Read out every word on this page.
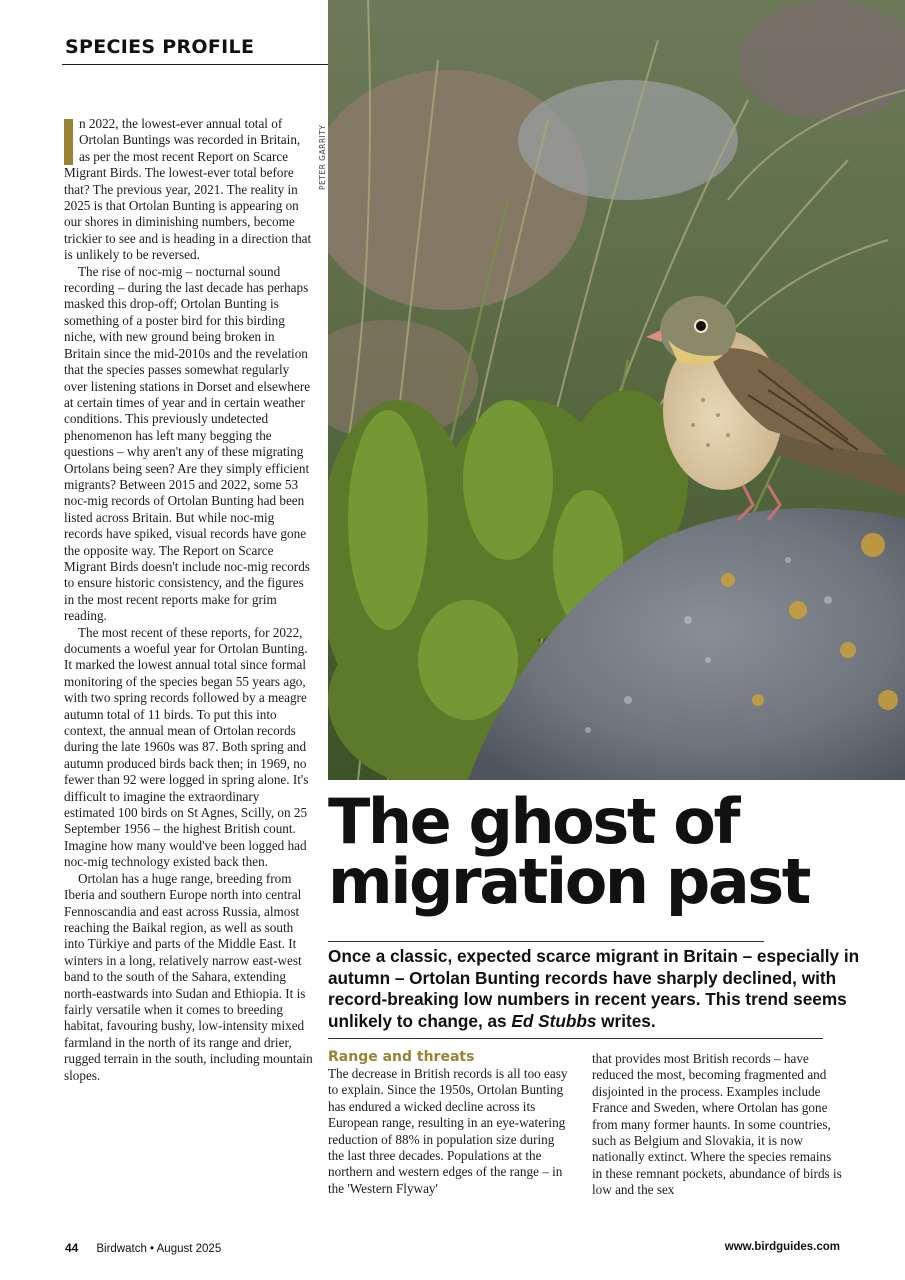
SPECIES PROFILE
PETER GARRITY

n 2022, the lowest-ever annual total of Ortolan Buntings was recorded in Britain, as per the most recent Report on Scarce Migrant Birds. The lowest-ever total before that? The previous year, 2021. The reality in 2025 is that Ortolan Bunting is appearing on our shores in diminishing numbers, become trickier to see and is heading in a direction that is unlikely to be reversed.

The rise of noc-mig – nocturnal sound recording – during the last decade has perhaps masked this drop-off; Ortolan Bunting is something of a poster bird for this birding niche, with new ground being broken in Britain since the mid-2010s and the revelation that the species passes somewhat regularly over listening stations in Dorset and elsewhere at certain times of year and in certain weather conditions. This previously undetected phenomenon has left many begging the questions – why aren't any of these migrating Ortolans being seen? Are they simply efficient migrants? Between 2015 and 2022, some 53 noc-mig records of Ortolan Bunting had been listed across Britain. But while noc-mig records have spiked, visual records have gone the opposite way. The Report on Scarce Migrant Birds doesn't include noc-mig records to ensure historic consistency, and the figures in the most recent reports make for grim reading.

The most recent of these reports, for 2022, documents a woeful year for Ortolan Bunting. It marked the lowest annual total since formal monitoring of the species began 55 years ago, with two spring records followed by a meagre autumn total of 11 birds. To put this into context, the annual mean of Ortolan records during the late 1960s was 87. Both spring and autumn produced birds back then; in 1969, no fewer than 92 were logged in spring alone. It's difficult to imagine the extraordinary estimated 100 birds on St Agnes, Scilly, on 25 September 1956 – the highest British count. Imagine how many would've been logged had noc-mig technology existed back then.

Ortolan has a huge range, breeding from Iberia and southern Europe north into central Fennoscandia and east across Russia, almost reaching the Baikal region, as well as south into Türkiye and parts of the Middle East. It winters in a long, relatively narrow east-west band to the south of the Sahara, extending north-eastwards into Sudan and Ethiopia. It is fairly versatile when it comes to breeding habitat, favouring bushy, low-intensity mixed farmland in the north of its range and drier, rugged terrain in the south, including mountain slopes.

The ghost of
migration past
Once a classic, expected scarce migrant in Britain – especially in autumn – Ortolan Bunting records have sharply declined, with record-breaking low numbers in recent years. This trend seems unlikely to change, as Ed Stubbs writes.
Range and threats

The decrease in British records is all too easy to explain. Since the 1950s, Ortolan Bunting has endured a wicked decline across its European range, resulting in an eye-watering reduction of 88% in population size during the last three decades. Populations at the northern and western edges of the range – in the 'Western Flyway'

that provides most British records – have reduced the most, becoming fragmented and disjointed in the process. Examples include France and Sweden, where Ortolan has gone from many former haunts. In some countries, such as Belgium and Slovakia, it is now nationally extinct. Where the species remains in these remnant pockets, abundance of birds is low and the sex

44 Birdwatch • August 2025	www.birdguides.com
